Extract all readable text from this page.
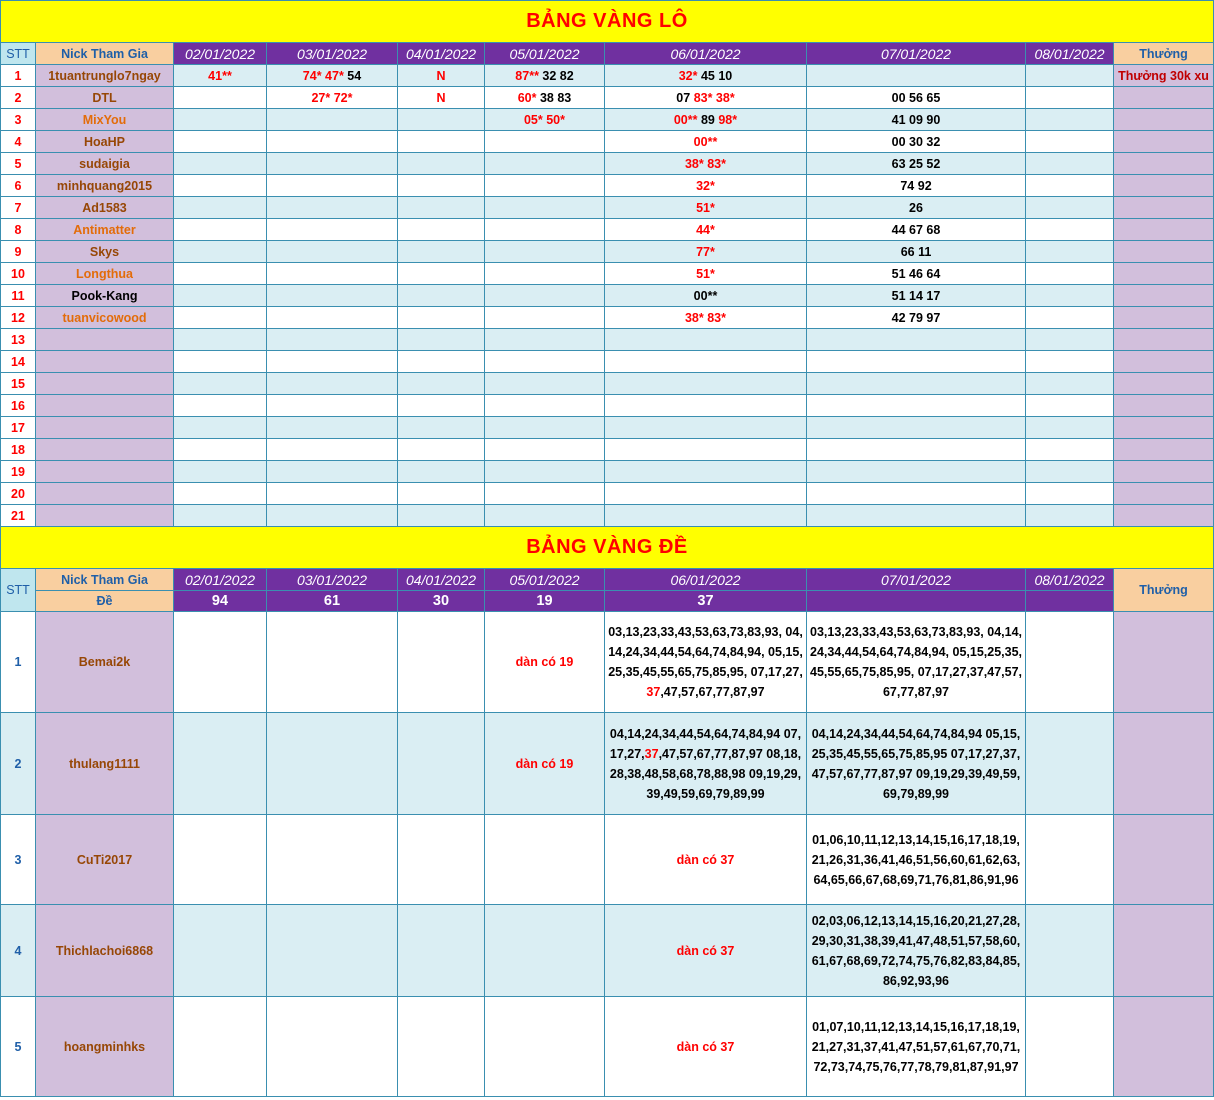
BẢNG VÀNG LÔ									
STT	Nick Tham Gia	02/01/2022	03/01/2022	04/01/2022	05/01/2022	06/01/2022	07/01/2022	08/01/2022	Thưởng
1	1tuantrunglo7ngay	41**	74* 47* 54	N	87** 32 82	32* 45 10			Thưởng 30k xu
2	DTL		27* 72*	N	60* 38 83	07 83* 38*	00 56 65		
3	MixYou				05* 50*	00** 89 98*	41 09 90		
4	HoaHP					00**	00 30 32		
5	sudaigia					38* 83*	63 25 52		
6	minhquang2015					32*	74 92		
7	Ad1583					51*	26		
8	Antimatter					44*	44 67 68		
9	Skys					77*	66 11		
10	Longthua					51*	51 46 64		
11	Pook-Kang					00**	51 14 17		
12	tuanvicowood					38* 83*	42 79 97		
13									
14									
15									
16									
17									
18									
19									
20									
21									
BẢNG VÀNG ĐỀ									
STT	Nick Tham Gia	02/01/2022	03/01/2022	04/01/2022	05/01/2022	06/01/2022	07/01/2022	08/01/2022	Thưởng
	Đề	94	61	30	19	37			
1	Bemai2k				dàn có 19	03,13,23,33,43,53,63,73,83,93, 04,14,24,34,44,54,64,74,84,94, 05,15,25,35,45,55,65,75,85,95, 07,17,27,37,47,57,67,77,87,97	03,13,23,33,43,53,63,73,83,93, 04,14,24,34,44,54,64,74,84,94, 05,15,25,35,45,55,65,75,85,95, 07,17,27,37,47,57,67,77,87,97		
2	thulang1111				dàn có 19	04,14,24,34,44,54,64,74,84,94 07,17,27,37,47,57,67,77,87,97 08,18,28,38,48,58,68,78,88,98 09,19,29,39,49,59,69,79,89,99	04,14,24,34,44,54,64,74,84,94 05,15,25,35,45,55,65,75,85,95 07,17,27,37,47,57,67,77,87,97 09,19,29,39,49,59,69,79,89,99		
3	CuTi2017					dàn có 37	01,06,10,11,12,13,14,15,16,17,18,19,21,26,31,36,41,46,51,56,60,61,62,63,64,65,66,67,68,69,71,76,81,86,91,96		
4	Thichlachoi6868					dàn có 37	02,03,06,12,13,14,15,16,20,21,27,28,29,30,31,38,39,41,47,48,51,57,58,60,61,67,68,69,72,74,75,76,82,83,84,85,86,92,93,96		
5	hoangminhks					dàn có 37	01,07,10,11,12,13,14,15,16,17,18,19,21,27,31,37,41,47,51,57,61,67,70,71,72,73,74,75,76,77,78,79,81,87,91,97		
